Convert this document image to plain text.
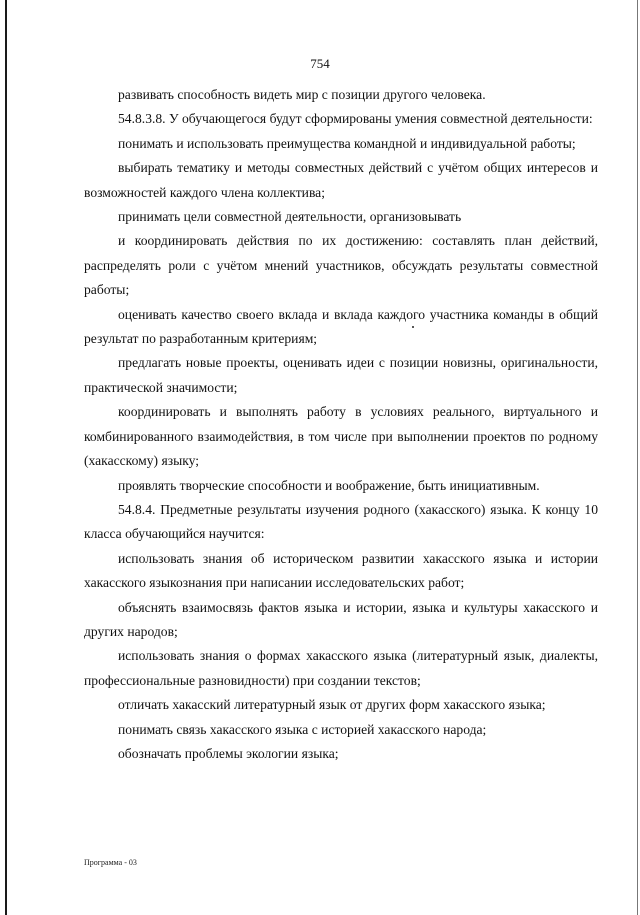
754

развивать способность видеть мир с позиции другого человека.

54.8.3.8. У обучающегося будут сформированы умения совместной деятельности:

понимать и использовать преимущества командной и индивидуальной работы;

выбирать тематику и методы совместных действий с учётом общих интересов и возможностей каждого члена коллектива;

принимать цели совместной деятельности, организовывать

и координировать действия по их достижению: составлять план действий, распределять роли с учётом мнений участников, обсуждать результаты совместной работы;

оценивать качество своего вклада и вклада каждого участника команды в общий результат по разработанным критериям;

предлагать новые проекты, оценивать идеи с позиции новизны, оригинальности, практической значимости;

координировать и выполнять работу в условиях реального, виртуального и комбинированного взаимодействия, в том числе при выполнении проектов по родному (хакасскому) языку;

проявлять творческие способности и воображение, быть инициативным.

54.8.4. Предметные результаты изучения родного (хакасского) языка. К концу 10 класса обучающийся научится:

использовать знания об историческом развитии хакасского языка и истории хакасского языкознания при написании исследовательских работ;

объяснять взаимосвязь фактов языка и истории, языка и культуры хакасского и других народов;

использовать знания о формах хакасского языка (литературный язык, диалекты, профессиональные разновидности) при создании текстов;

отличать хакасский литературный язык от других форм хакасского языка;

понимать связь хакасского языка с историей хакасского народа;

обозначать проблемы экологии языка;

Программа - 03
